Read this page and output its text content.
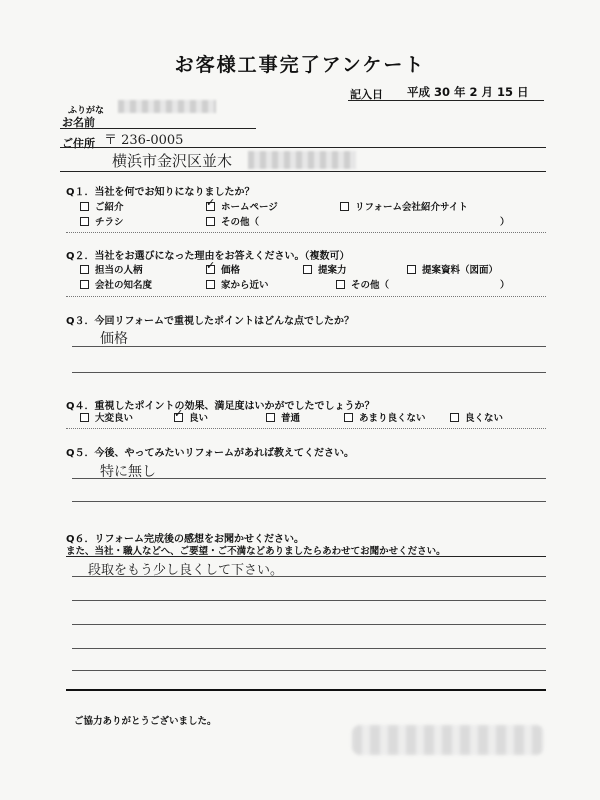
お客様工事完了アンケート
記入日 平成 30 年 2 月 15 日
ふりがな
お名前
ご住所 〒 236-0005
横浜市金沢区並木
Q１．当社を何でお知りになりましたか？
ご紹介 ✓	ホームページ	リフォーム会社紹介サイト
チラシ	その他（	）
Q２．当社をお選びになった理由をお答えください。（複数可）
担当の人柄 ✓	価格	提案力	提案資料（図面）
会社の知名度	家から近い	その他（	）
Q３．今回リフォームで重視したポイントはどんな点でしたか？
価格
Q４．重視したポイントの効果、満足度はいかがでしたでしょうか？
大変良い ✓	良い	普通	あまり良くない	良くない
Q５．今後、やってみたいリフォームがあれば教えてください。
特に無し
Q６．リフォーム完成後の感想をお聞かせください。
また、当社・職人などへ、ご要望・ご不満などありましたらあわせてお聞かせください。
段取をもう少し良くして下さい。
ご協力ありがとうございました。
